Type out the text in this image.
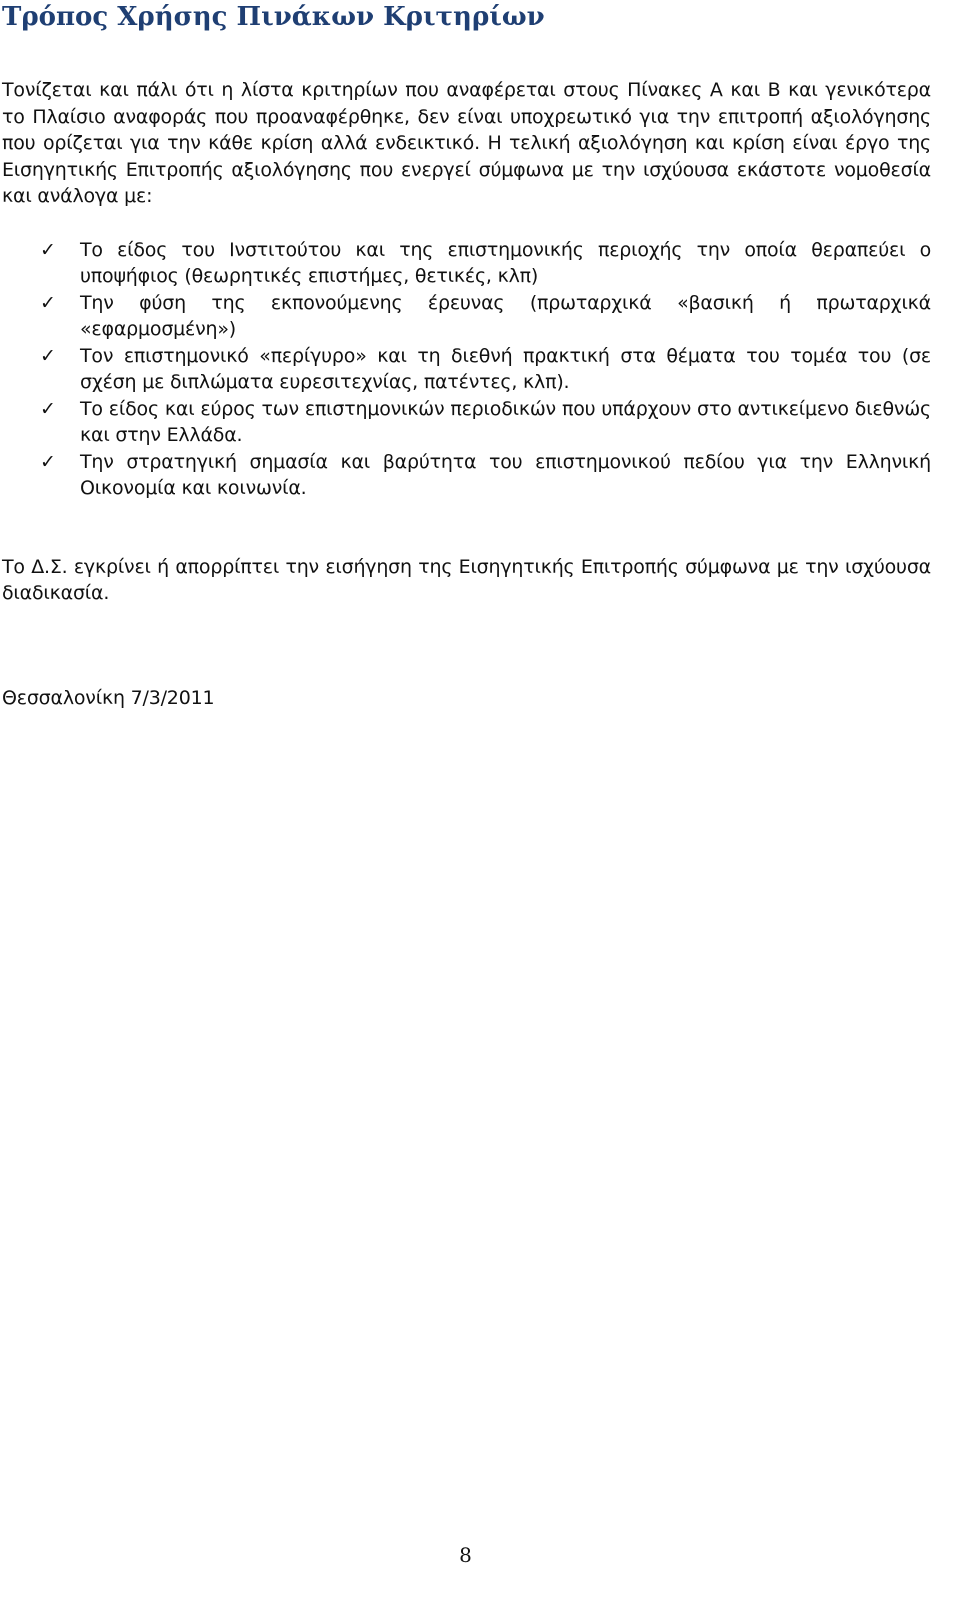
Τρόπος Χρήσης Πινάκων Κριτηρίων

Τονίζεται και πάλι ότι η λίστα κριτηρίων που αναφέρεται στους Πίνακες Α και Β και γενικότερα το Πλαίσιο αναφοράς που προαναφέρθηκε, δεν είναι υποχρεωτικό για την επιτροπή αξιολόγησης που ορίζεται για την κάθε κρίση αλλά ενδεικτικό. Η τελική αξιολόγηση και κρίση είναι έργο της Εισηγητικής Επιτροπής αξιολόγησης που ενεργεί σύμφωνα με την ισχύουσα εκάστοτε νομοθεσία και ανάλογα με:

✓ Το είδος του Ινστιτούτου και της επιστημονικής περιοχής την οποία θεραπεύει ο υποψήφιος (θεωρητικές επιστήμες, θετικές, κλπ)
✓ Την φύση της εκπονούμενης έρευνας (πρωταρχικά «βασική ή πρωταρχικά «εφαρμοσμένη»)
✓ Τον επιστημονικό «περίγυρο» και τη διεθνή πρακτική στα θέματα του τομέα του (σε σχέση με διπλώματα ευρεσιτεχνίας, πατέντες, κλπ).
✓ Το είδος και εύρος των επιστημονικών περιοδικών που υπάρχουν στο αντικείμενο διεθνώς και στην Ελλάδα.
✓ Την στρατηγική σημασία και βαρύτητα του επιστημονικού πεδίου για την Ελληνική Οικονομία και κοινωνία.

Το Δ.Σ. εγκρίνει ή απορρίπτει την εισήγηση της Εισηγητικής Επιτροπής σύμφωνα με την ισχύουσα διαδικασία.

Θεσσαλονίκη 7/3/2011

8
